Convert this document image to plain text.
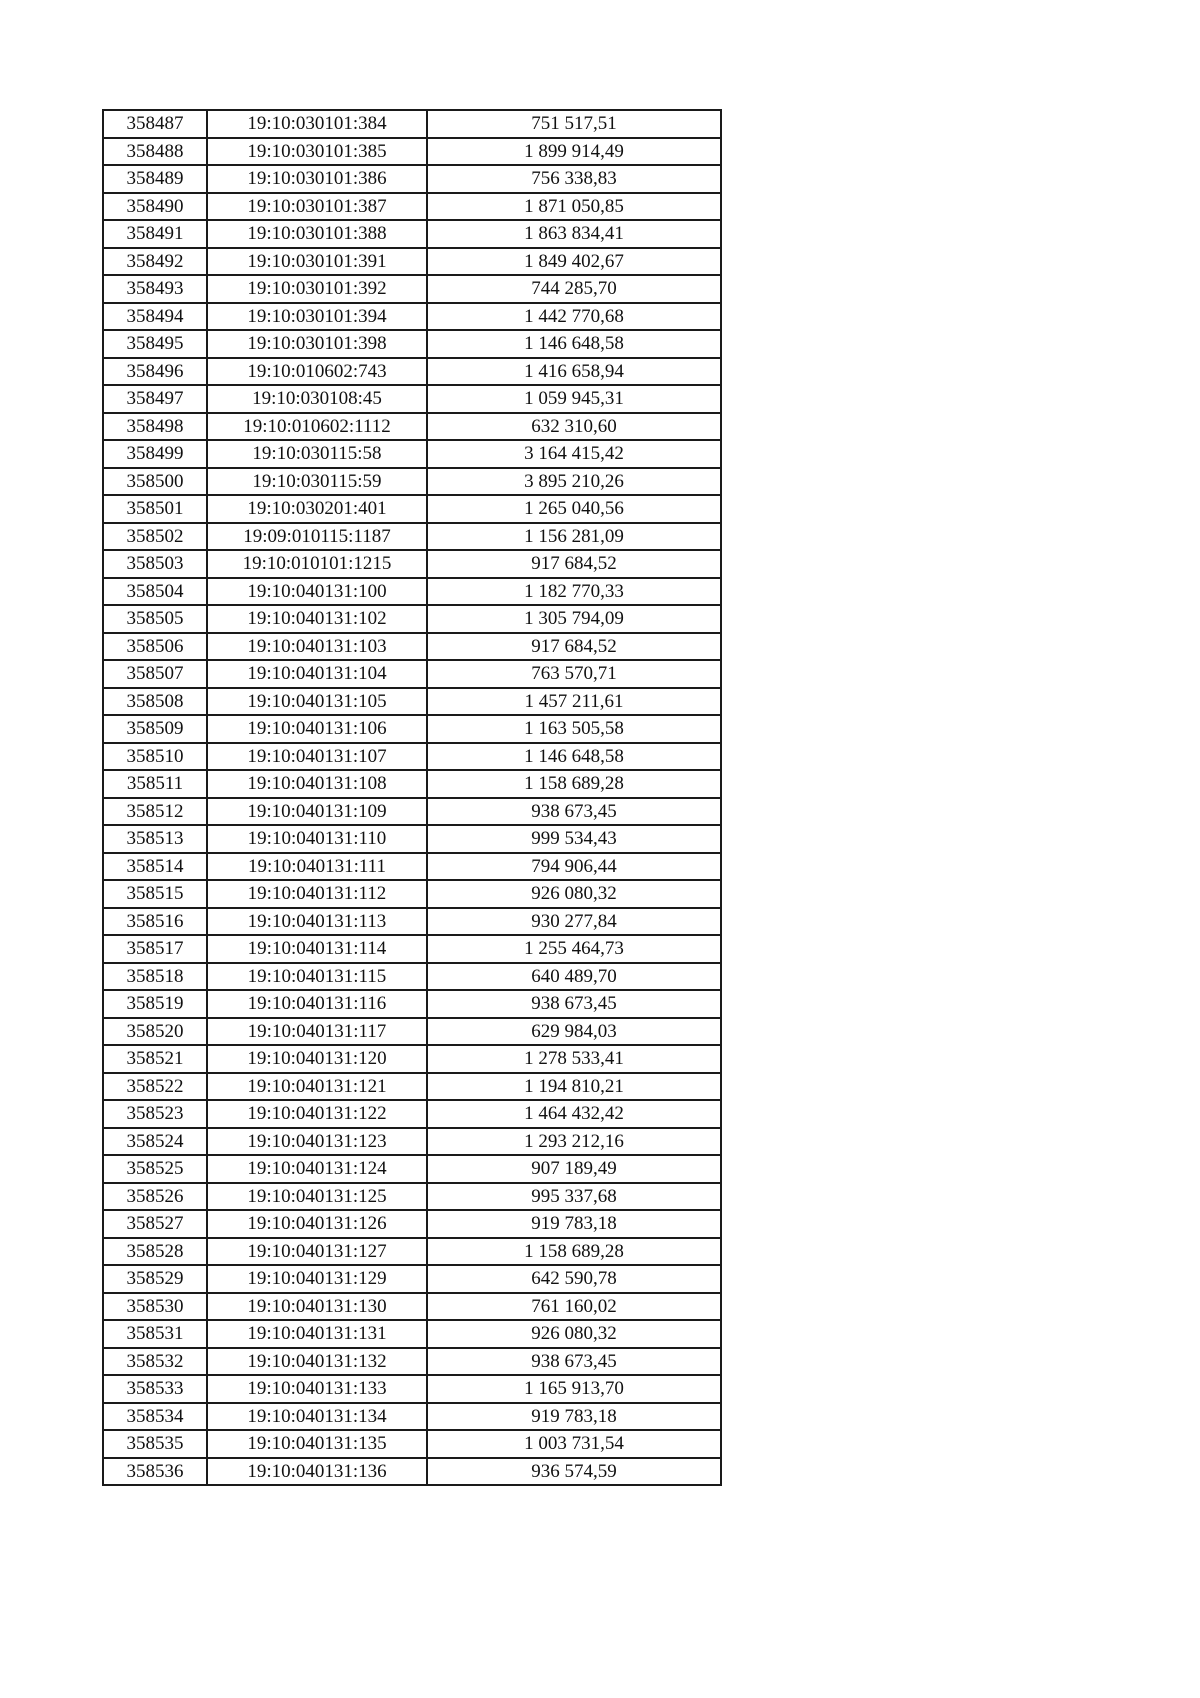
358487	19:10:030101:384	751 517,51
358488	19:10:030101:385	1 899 914,49
358489	19:10:030101:386	756 338,83
358490	19:10:030101:387	1 871 050,85
358491	19:10:030101:388	1 863 834,41
358492	19:10:030101:391	1 849 402,67
358493	19:10:030101:392	744 285,70
358494	19:10:030101:394	1 442 770,68
358495	19:10:030101:398	1 146 648,58
358496	19:10:010602:743	1 416 658,94
358497	19:10:030108:45	1 059 945,31
358498	19:10:010602:1112	632 310,60
358499	19:10:030115:58	3 164 415,42
358500	19:10:030115:59	3 895 210,26
358501	19:10:030201:401	1 265 040,56
358502	19:09:010115:1187	1 156 281,09
358503	19:10:010101:1215	917 684,52
358504	19:10:040131:100	1 182 770,33
358505	19:10:040131:102	1 305 794,09
358506	19:10:040131:103	917 684,52
358507	19:10:040131:104	763 570,71
358508	19:10:040131:105	1 457 211,61
358509	19:10:040131:106	1 163 505,58
358510	19:10:040131:107	1 146 648,58
358511	19:10:040131:108	1 158 689,28
358512	19:10:040131:109	938 673,45
358513	19:10:040131:110	999 534,43
358514	19:10:040131:111	794 906,44
358515	19:10:040131:112	926 080,32
358516	19:10:040131:113	930 277,84
358517	19:10:040131:114	1 255 464,73
358518	19:10:040131:115	640 489,70
358519	19:10:040131:116	938 673,45
358520	19:10:040131:117	629 984,03
358521	19:10:040131:120	1 278 533,41
358522	19:10:040131:121	1 194 810,21
358523	19:10:040131:122	1 464 432,42
358524	19:10:040131:123	1 293 212,16
358525	19:10:040131:124	907 189,49
358526	19:10:040131:125	995 337,68
358527	19:10:040131:126	919 783,18
358528	19:10:040131:127	1 158 689,28
358529	19:10:040131:129	642 590,78
358530	19:10:040131:130	761 160,02
358531	19:10:040131:131	926 080,32
358532	19:10:040131:132	938 673,45
358533	19:10:040131:133	1 165 913,70
358534	19:10:040131:134	919 783,18
358535	19:10:040131:135	1 003 731,54
358536	19:10:040131:136	936 574,59
